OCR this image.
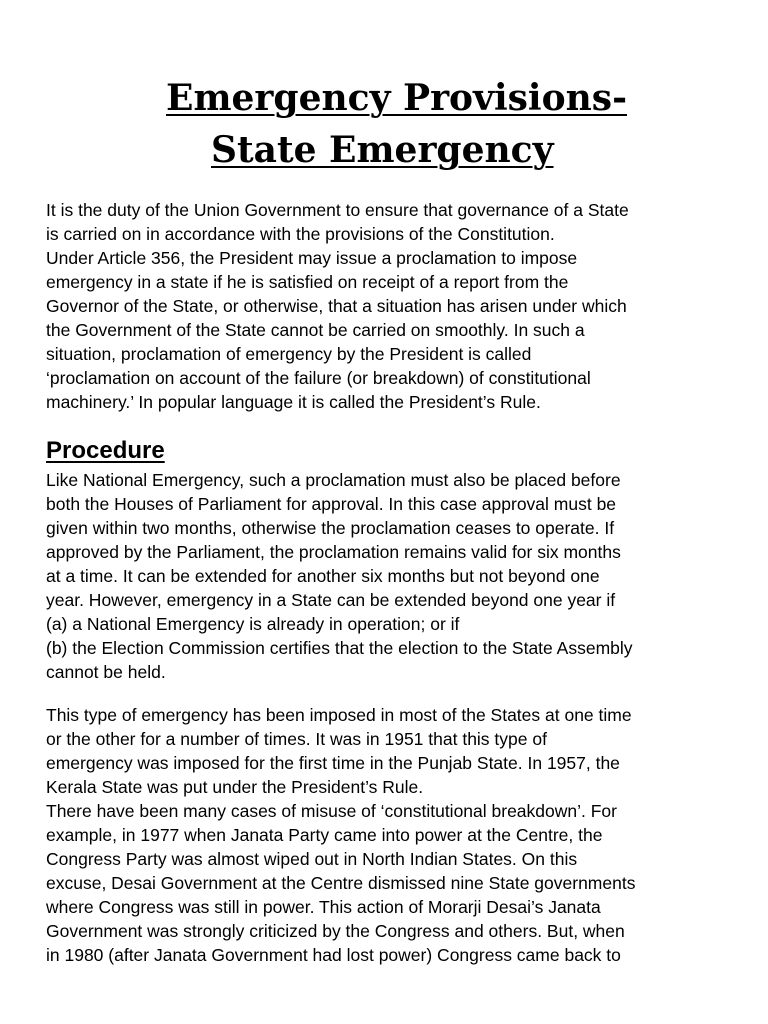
Emergency Provisions-
State Emergency
It is the duty of the Union Government to ensure that governance of a State
is carried on in accordance with the provisions of the Constitution.
Under Article 356, the President may issue a proclamation to impose
emergency in a state if he is satisfied on receipt of a report from the
Governor of the State, or otherwise, that a situation has arisen under which
the Government of the State cannot be carried on smoothly. In such a
situation, proclamation of emergency by the President is called
‘proclamation on account of the failure (or breakdown) of constitutional
machinery.’ In popular language it is called the President’s Rule.
Procedure
Like National Emergency, such a proclamation must also be placed before
both the Houses of Parliament for approval. In this case approval must be
given within two months, otherwise the proclamation ceases to operate. If
approved by the Parliament, the proclamation remains valid for six months
at a time. It can be extended for another six months but not beyond one
year. However, emergency in a State can be extended beyond one year if
(a) a National Emergency is already in operation; or if
(b) the Election Commission certifies that the election to the State Assembly
cannot be held.
This type of emergency has been imposed in most of the States at one time
or the other for a number of times. It was in 1951 that this type of
emergency was imposed for the first time in the Punjab State. In 1957, the
Kerala State was put under the President’s Rule.
There have been many cases of misuse of ‘constitutional breakdown’. For
example, in 1977 when Janata Party came into power at the Centre, the
Congress Party was almost wiped out in North Indian States. On this
excuse, Desai Government at the Centre dismissed nine State governments
where Congress was still in power. This action of Morarji Desai’s Janata
Government was strongly criticized by the Congress and others. But, when
in 1980 (after Janata Government had lost power) Congress came back to
